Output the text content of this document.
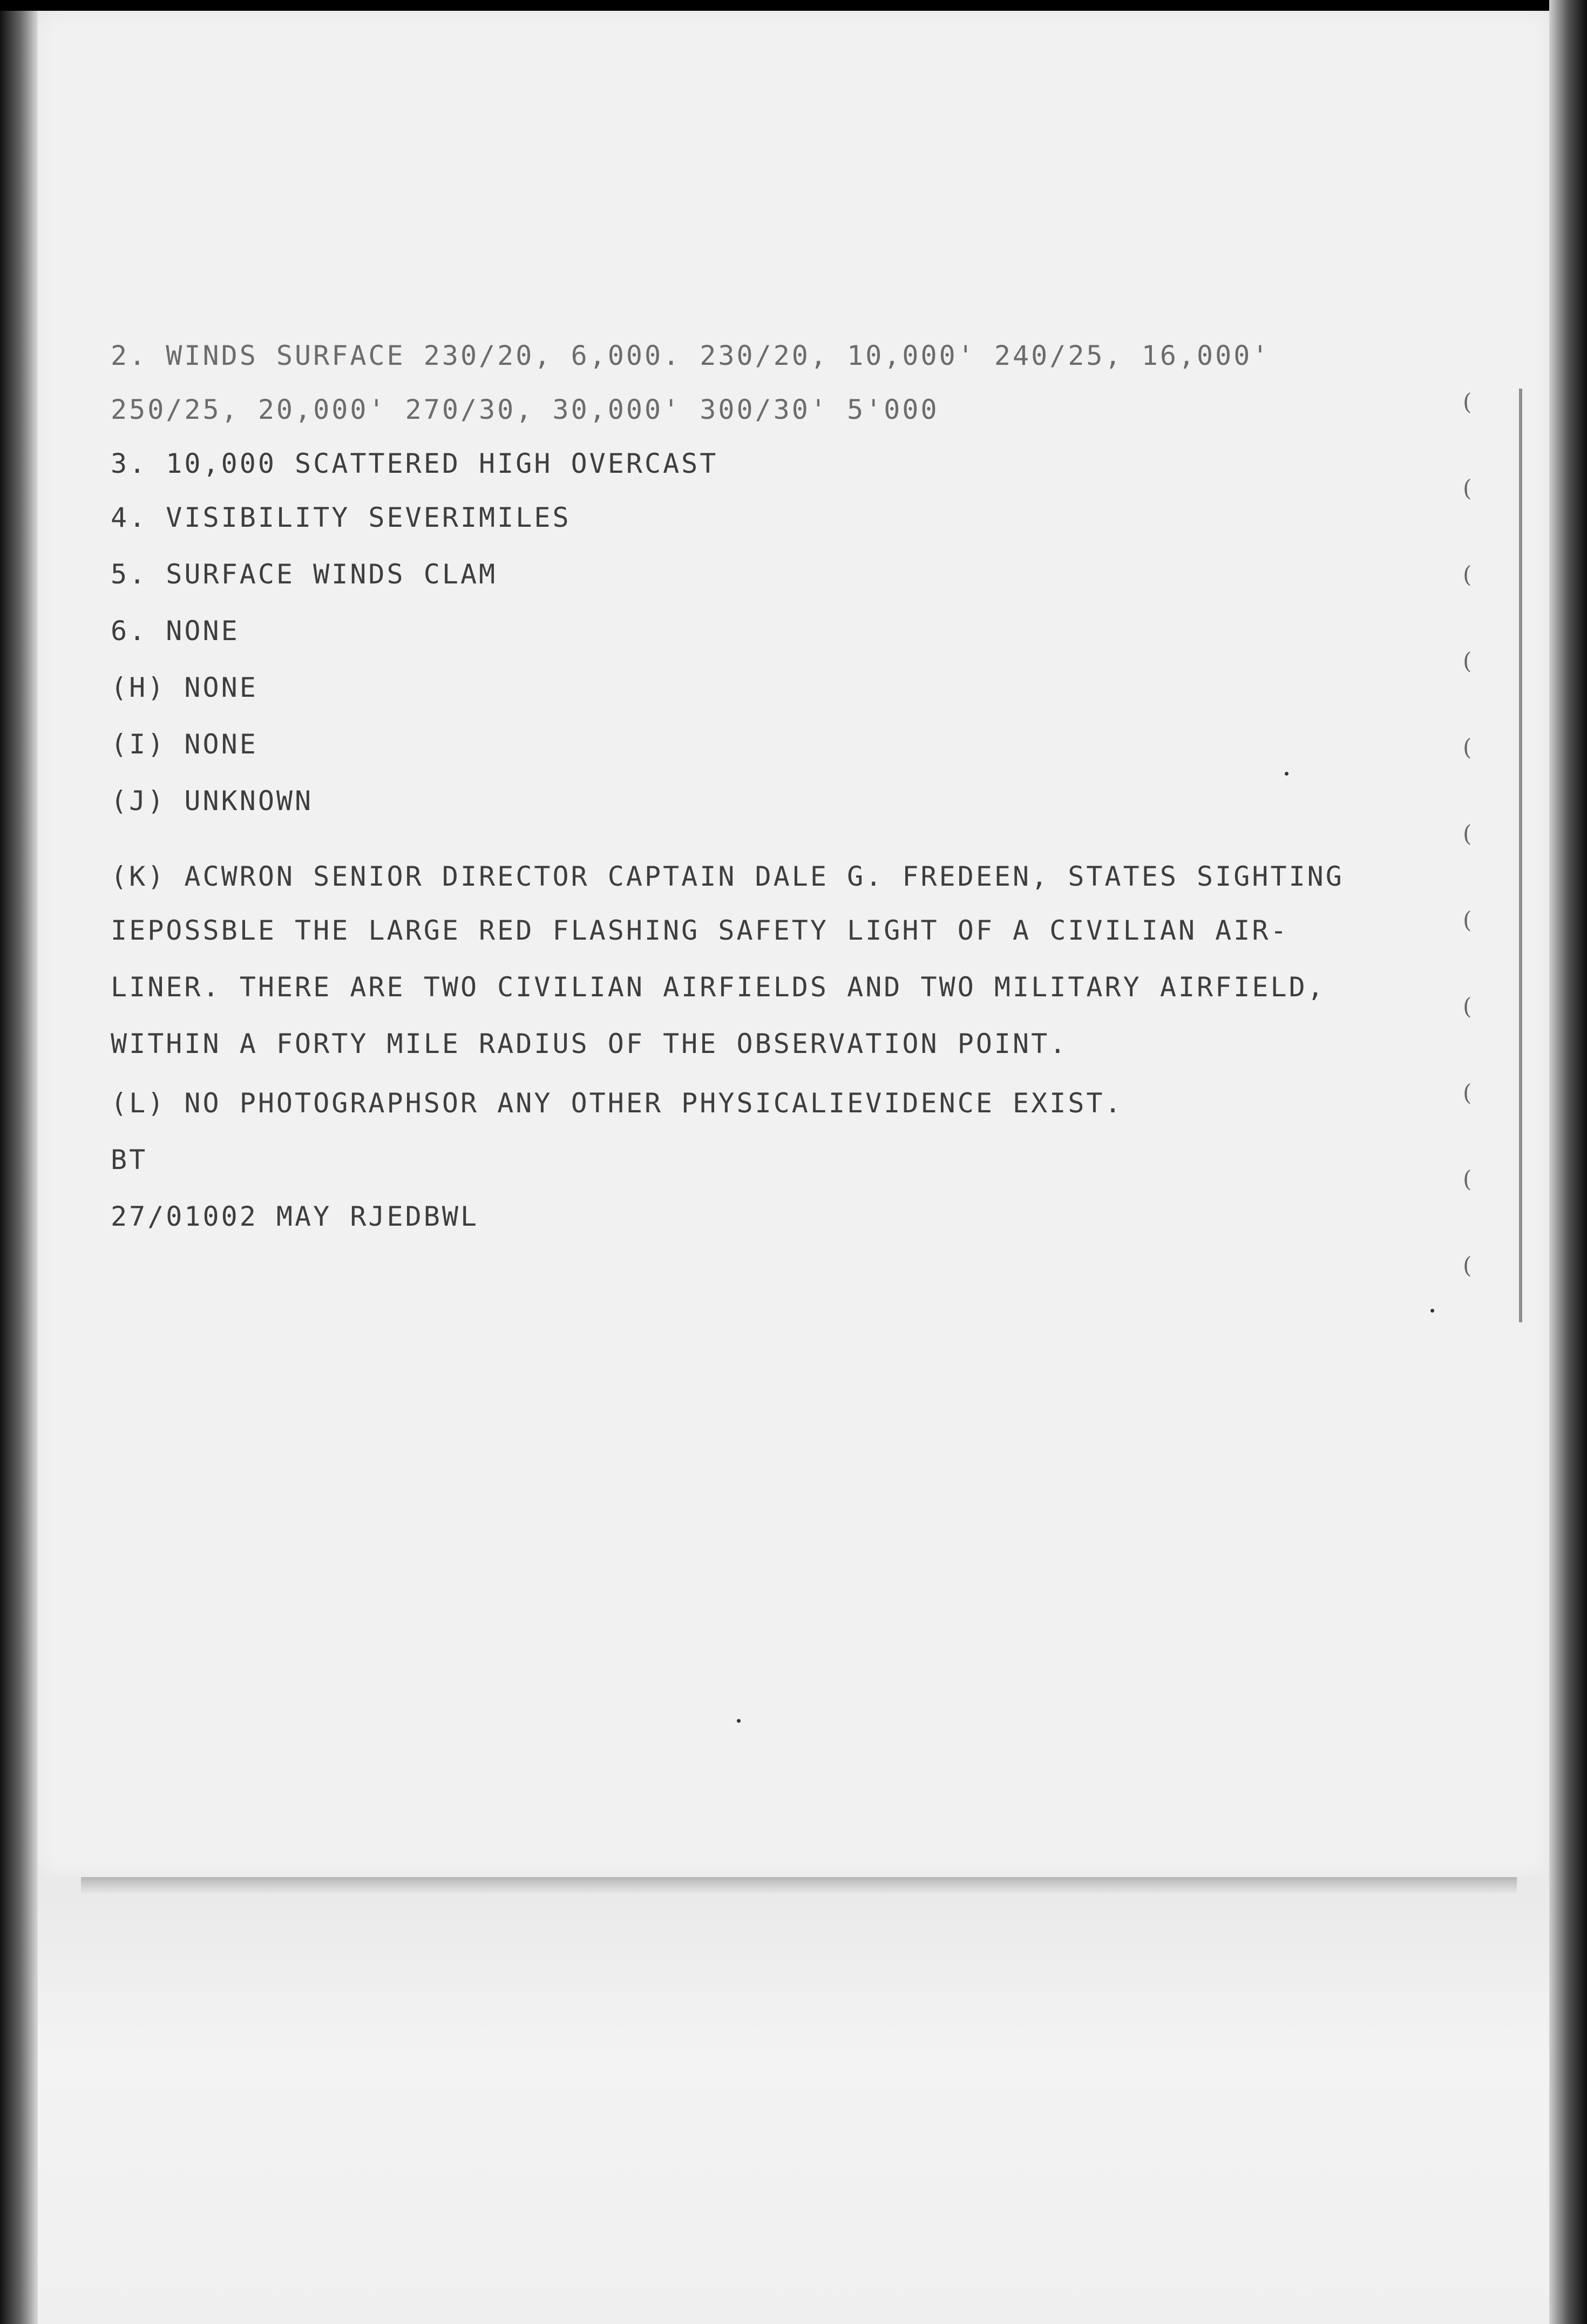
(
(
(
(
(
(
(
(
(
(
(
2. WINDS SURFACE 230/20, 6,000. 230/20, 10,000' 240/25, 16,000'
250/25, 20,000' 270/30, 30,000' 300/30' 5'000
3. 10,000 SCATTERED HIGH OVERCAST
4. VISIBILITY SEVERIMILES
5. SURFACE WINDS CLAM
6. NONE
(H) NONE
(I) NONE
(J) UNKNOWN
(K) ACWRON SENIOR DIRECTOR CAPTAIN DALE G. FREDEEN, STATES SIGHTING
IEPOSSBLE THE LARGE RED FLASHING SAFETY LIGHT OF A CIVILIAN AIR-
LINER. THERE ARE TWO CIVILIAN AIRFIELDS AND TWO MILITARY AIRFIELD,
WITHIN A FORTY MILE RADIUS OF THE OBSERVATION POINT.
(L) NO PHOTOGRAPHSOR ANY OTHER PHYSICALIEVIDENCE EXIST.
BT
27/01002 MAY RJEDBWL
